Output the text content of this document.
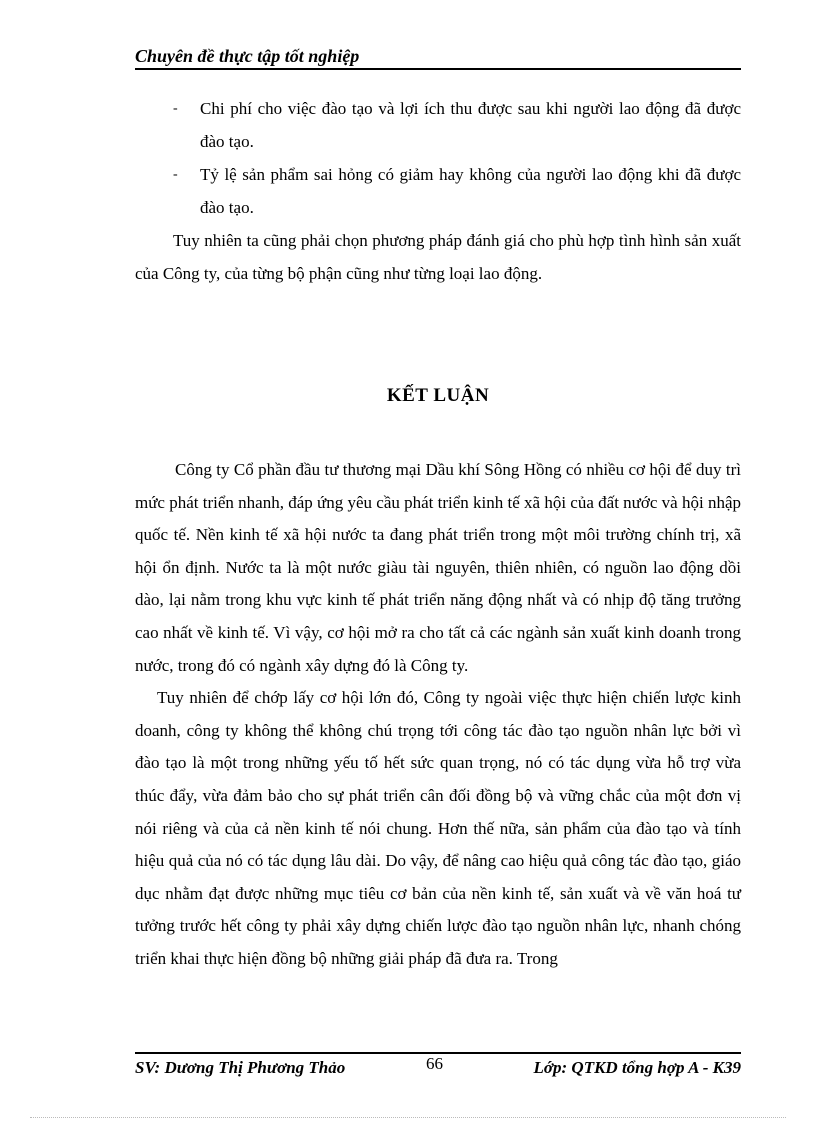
Chuyên đề thực tập tốt nghiệp
- Chi phí cho việc đào tạo và lợi ích thu được sau khi người lao động đã được đào tạo.
- Tỷ lệ sản phẩm sai hỏng có giảm hay không của người lao động khi đã được đào tạo.

Tuy nhiên ta cũng phải chọn phương pháp đánh giá cho phù hợp tình hình sản xuất của Công ty, của từng bộ phận cũng như từng loại lao động.

KẾT LUẬN

Công ty Cổ phần đầu tư thương mại Dầu khí Sông Hồng có nhiều cơ hội để duy trì mức phát triển nhanh, đáp ứng yêu cầu phát triển kinh tế xã hội của đất nước và hội nhập quốc tế. Nền kinh tế xã hội nước ta đang phát triển trong một môi trường chính trị, xã hội ổn định. Nước ta là một nước giàu tài nguyên, thiên nhiên, có nguồn lao động dồi dào, lại nằm trong khu vực kinh tế phát triển năng động nhất và có nhịp độ tăng trưởng cao nhất về kinh tế. Vì vậy, cơ hội mở ra cho tất cả các ngành sản xuất kinh doanh trong nước, trong đó có ngành xây dựng đó là Công ty.

Tuy nhiên để chớp lấy cơ hội lớn đó, Công ty ngoài việc thực hiện chiến lược kinh doanh, công ty không thể không chú trọng tới công tác đào tạo nguồn nhân lực bởi vì đào tạo là một trong những yếu tố hết sức quan trọng, nó có tác dụng vừa hỗ trợ vừa thúc đẩy, vừa đảm bảo cho sự phát triển cân đối đồng bộ và vững chắc của một đơn vị nói riêng và của cả nền kinh tế nói chung. Hơn thế nữa, sản phẩm của đào tạo và tính hiệu quả của nó có tác dụng lâu dài. Do vậy, để nâng cao hiệu quả công tác đào tạo, giáo dục nhằm đạt được những mục tiêu cơ bản của nền kinh tế, sản xuất và về văn hoá tư tưởng trước hết công ty phải xây dựng chiến lược đào tạo nguồn nhân lực, nhanh chóng triển khai thực hiện đồng bộ những giải pháp đã đưa ra. Trong

SV: Dương Thị Phương Thảo	66	Lớp: QTKD tổng hợp A - K39
